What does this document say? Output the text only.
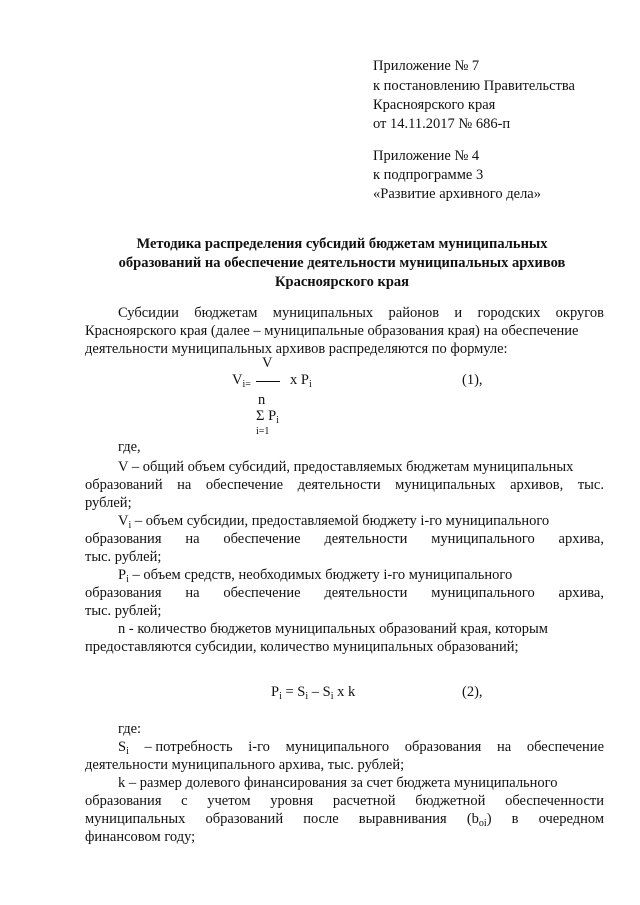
Приложение № 7
к постановлению Правительства
Красноярского края
от 14.11.2017 № 686-п
Приложение № 4
к подпрограмме 3
«Развитие архивного дела»
Методика распределения субсидий бюджетам муниципальных
образований на обеспечение деятельности муниципальных архивов
Красноярского края
Субсидии бюджетам муниципальных районов и городских округов
Красноярского края (далее – муниципальные образования края) на обеспечение
деятельности муниципальных архивов распределяются по формуле:
V
$V_{i=}$	x $P_i$	(1),
n
Σ $P_i$
i=1
где,
V – общий объем субсидий, предоставляемых бюджетам муниципальных
образований на обеспечение деятельности муниципальных архивов, тыс.
рублей;
$V_i$ – объем субсидии, предоставляемой бюджету i-го муниципального
образования на обеспечение деятельности муниципального архива,
тыс. рублей;
$P_i$ – объем средств, необходимых бюджету i-го муниципального
образования на обеспечение деятельности муниципального архива,
тыс. рублей;
n - количество бюджетов муниципальных образований края, которым
предоставляются субсидии, количество муниципальных образований;
$P_i = S_i - S_i$ x k	(2),
где:
$S_i$ – потребность i-го муниципального образования на обеспечение
деятельности муниципального архива, тыс. рублей;
k – размер долевого финансирования за счет бюджета муниципального
образования с учетом уровня расчетной бюджетной обеспеченности
муниципальных образований после выравнивания $(b_{oi})$ в очередном
финансовом году;
